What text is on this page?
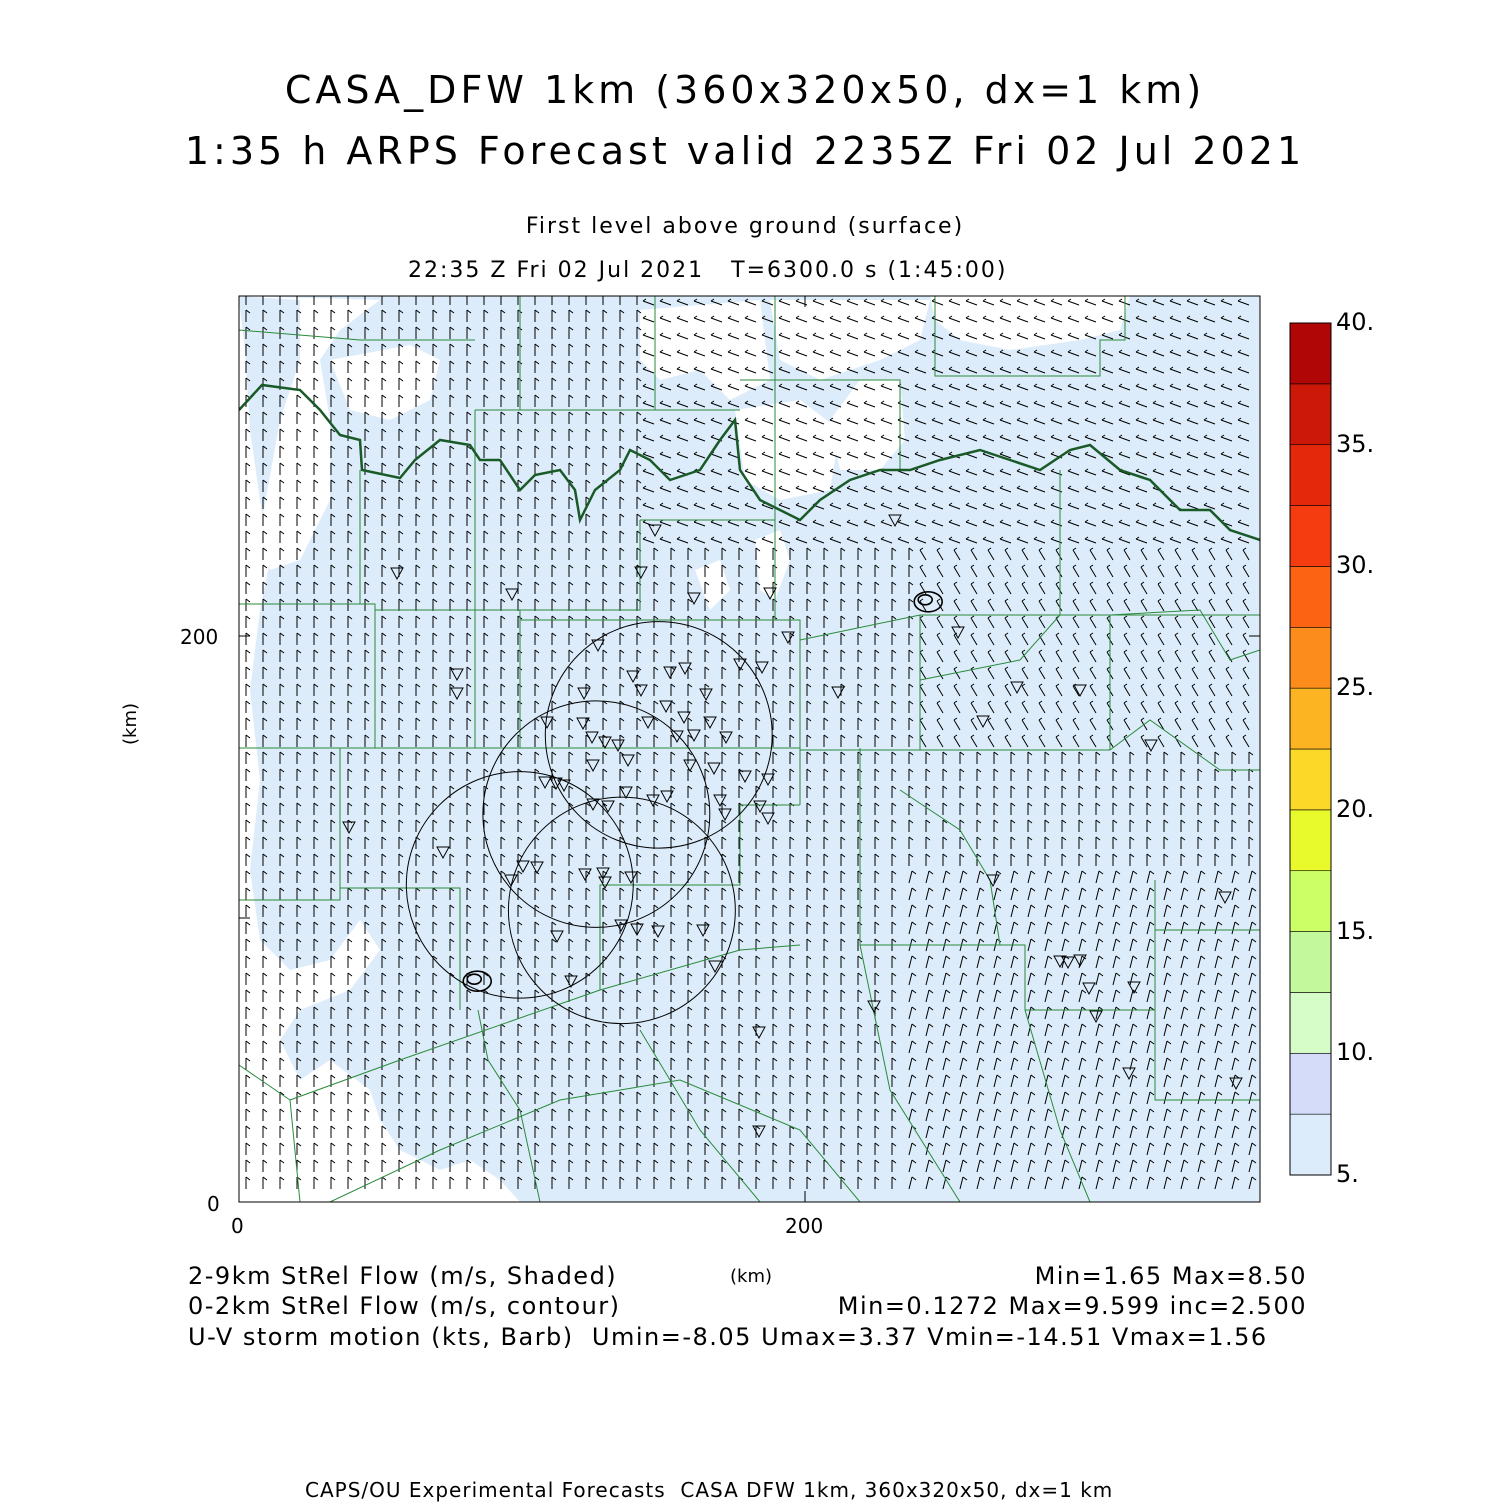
CASA_DFW 1km (360x320x50, dx=1 km)
1:35 h ARPS Forecast valid 2235Z Fri 02 Jul 2021
First level above ground (surface)
22:35 Z Fri 02 Jul 2021   T=6300.0 s (1:45:00)
200
0
0	200
(km)
5.
10.
15.
20.
25.
30.
35.
40.
2-9km StRel Flow (m/s, Shaded)	(km)	Min=1.65 Max=8.50
0-2km StRel Flow (m/s, contour)	Min=0.1272 Max=9.599 inc=2.500
U-V storm motion (kts, Barb)  Umin=-8.05 Umax=3.37 Vmin=-14.51 Vmax=1.56
CAPS/OU Experimental Forecasts  CASA DFW 1km, 360x320x50, dx=1 km
